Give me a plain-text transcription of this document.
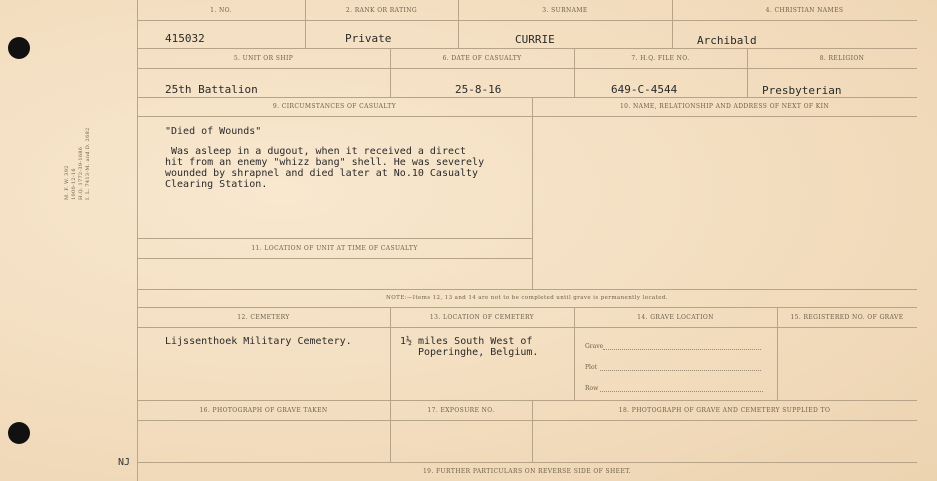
M. F. W. 392 1000-12-16 H.Q. 1772-39-1686 I. L. 7413-M. and D. 2682
NJ
1. NO.	2. RANK OR RATING	3. SURNAME	4. CHRISTIAN NAMES
415032	Private	CURRIE	Archibald
5. UNIT OR SHIP	6. DATE OF CASUALTY	7. H.Q. FILE NO.	8. RELIGION
25th Battalion	25-8-16	649-C-4544	Presbyterian
9. CIRCUMSTANCES OF CASUALTY	10. NAME, RELATIONSHIP AND ADDRESS OF NEXT OF KIN
"Died of Wounds"
Was asleep in a dugout, when it received a direct
hit from an enemy "whizz bang" shell. He was severely
wounded by shrapnel and died later at No.10 Casualty
Clearing Station.
11. LOCATION OF UNIT AT TIME OF CASUALTY
NOTE:—Items 12, 13 and 14 are not to be completed until grave is permanently located.
12. CEMETERY	13. LOCATION OF CEMETERY	14. GRAVE LOCATION	15. REGISTERED NO. OF GRAVE
Lijssenthoek Military Cemetery.	1½ miles South West of
Poperinghe, Belgium.
Grave
Plot
Row
16. PHOTOGRAPH OF GRAVE TAKEN	17. EXPOSURE NO.	18. PHOTOGRAPH OF GRAVE AND CEMETERY SUPPLIED TO
19. FURTHER PARTICULARS ON REVERSE SIDE OF SHEET.
